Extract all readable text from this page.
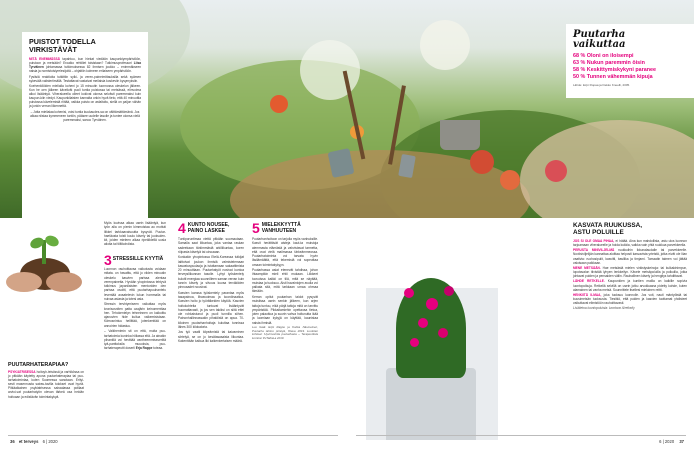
PUISTOT TODELLA
VIRKISTÄVÄT

MITÄ ENEMMÄSSÄ tapahtuu, kun hiekat viedään kaupunkiympäristöön, puistoon ja metsään? Eroaiko rehtiliet toisistaan? Tutkimusprofessori Liisa Tyrväinen johtamassa tutkimuksessa 82 ihmisen joukko – enimmäkseen naisia ja nomistoisiyrelesijoitä – ohjattiin kolmeen erilaiseen ympäristöön.

Fysiisiä reaktioita tutkittiin sylki- ja veren-paineimittauksilla sekä syämen sykevälä vaiisteriimällä. Testattavat vastaivat meilaisia koskeviin kysymyksiin.

Koehenkilöiden mielialla koheni jo 15 minuutin tuonnossa oleskelun jälkeen. Kun he oen jälkeen kävelivät puoli tuntia puistossa tai metsässä, elinvoima alkoi lisääntyä. Viheralueella olleet kokivat olonsa selvästi paremmaksi kuin kaupun-kiin viedyt. Kaupunkilaisten kannalta onkin hyvä tieto, että 40 minuuttia puistossa kävelemistä riittää, vaikka puisto on asfaltoitu, siellä on paljon vähän ja jonkin verran liikennettä.

– Jotta mielialaa kohenisi, voisi tuntia kuukaudes-sa on välttämättömänä. Jos alkaa niistaa kymmeneen tuntiin, pääsee uudelle tasolle ja tuntee olonsa vielä paremmaksi, sanoo Tyrväinen.

Puutarha
vaikuttaa
68 % Oloni on iloisempi
63 % Nukun paremmin öisin
58 % Keskittymiskykyni paranee
50 % Tunnen vähemmän kipuja
Lähde: Ezpi Ropaa ja Dekko Kneelli, 2005.
PUUTARHATERAPIAA?
PSYKIATRISESSA hoitoyh-teisössä ja varhikössa on jo pitkään käytetty apuna puutarhaterapiaa tai puu-tarhatoimintaa, kuten Suomessa sanotaan. Erityi-sesti masennusta sairas-tavilla tulokset ovat hyviä. Pitkäaikainen psykiatrisessa sairaalassa potilaat arvioi-vat puutarhatyön olevan tärkeä osa heidän hoitoaan ja edistävän toimintakykyä.

Myös kuvissa alkaa usein lisääntyä, kun työn alla on pienin kimmoistaa ao mottuti liikkei tarkkaavaisuutta kysyvät. Puutar-haetäusta toisti kuulu kävely tai juoksulen-kit, joiden mieleen alkaa ripeälidellä uusia aiioita tai tiiltikohdista.

3 STRESSILLE KYYTIÄ

Luonnon rauhoittavaa vaikutusta voidaan mitata. on havaittu, että jo viiden minuutin oleskelu kasvien parissa alentaa verenpainetta. Hyvään yhopintossa tehtyvä tutkimus japanilaisten mentoriden den parissa osoitti, että puutarhapuuhantelu leventää avaatelevin lukun hommalla tai nuivaa asiasta ja totesi asia.

Stressin tervhtymiseen vaikuttaa myös kronisosniten patta ozajärin keinomenttaa hen. Tehokentelyn tehneinnen on kaikoittu ajanuvien hide kuilua vaikemisistaan. Kärrosnintuu hellittää, jotenkenttää on annoirien hidastuu.

– Vaikhentmin sit on että, muita puu-tarhatoimia kuninka hiiliassa eltä. Ja ainakin pihantilä voi hevittää vantheemmissveriitä tyä-panttoksila muuoksia, puu-tarhaterapeutti doserii Erja Rappe toteaa.

4 KUNTO NOUSEE,
PAINO LASKEE

Tuntiporuntimaa viettä pitkään suomautaan. Samalla saat liikuntaa, joka vantaa raskan sadeekaan tärkimmästä arkiliikuntaa, koren röipasta kävelyä tai uinoaaan.

Konkakin yhopintossa Etelä-Koreassa tutkijat laittoivat joukon ihmisiä valmistelemaan kasvatuspuulaoja ja istuttamaan sakaattimista 20 minuuttiaan. Puutarhatyöt nosivat kuntoa terveysliikunnan tasolle. Lyhyt työskentely kulutti energiaa suunnilleen saman verran kuin tunnin kävely ja siivous kuvaa terväkiiden pinnoaadet nousivat.

Kasvien kanssa työskentely parantaa myös tasapainoa, lihasvoimaa ja koordinaatioa. Kasvien hoito jo työrätkeiden käytöä. Kasvien hoitokohteita tuntuvat lisääntyvät huomattavasti, ja jos sen takiksi on siitä ettei ole rohkaistunut ja puoli tunnilla siihen. Painonhallinnassakin pihatöistä on apua. 70-kiloinen puutarhanhoitaja kuluttaa tunnissa lähes 300 kilokaloria.

Jos työ vaatii kiipeämistä tai kaivaminen siirtelyä, se on jo kesätasasaista liikuntaa. Kakenttään kaikua liki kaikenkertaisen määrä.

5 MIELEKKYYTTÄ
VANHUUTEEN

Puutarhanhoitoon on tarjolla myös vanhuksille. Kasvit herättävät aisteja kaut-ta muistoja aiemmasta elämästä ja vahvistavat tarmetta, että ovat vielä mailmassa tärkeämmeossa. Puutarhatoiminta voi tarvata hyvin läsilämäättä, että tekemistä voi sopeuttaa omaan toimintakykyyn.

Puutarhassa asiat etenevät tahdissa, johon ihtaampikin mieli ehtii mukaan. Liikkeet tuovuissa kaikki on tilä, mitä se näyttää, muistaa ja tuoksuu. Aisti havaintojen avulla voi palkata sitä, mitä tarkkaan umaa ohmaa tämään.

Kerran opitut puutarhan taidot pysyvät muistissa usein senkin jälkeen, kun arjen taitoja tuntuu, eikä pärjä taitoja mitä on tarvittu ympäristää. Pikkaitamiehin opettavaa tietoa, joten palauttoa ja suurin vahva hoitunutta ikää ja luomiaan kykyjä on käyttää, kaunistaa naista ihmisiä.

Lue lisää: Ezpi Rappe ja Kukka Näsmeinen, Puutarha tahtoo piristyä, Otava 2019. Luotolan kohteen 'Hyvinvointia puutarhasta – Terapeuttista luontoa' PuTaKaLa 2019.

KASVATA RUUKUSSA,
ASTU POLUILLE

JOS SI OLE OMAA PIHAA, ei hätää. Aina kun mahdollista, astu ulos luonnon tarjoamaan viheralueelle ja hoida kukkia, vaikka vain yhtä ruukkua parvekkeella.

PERUSTA MINIVILJELMÄ ruukkuihin ikkunalaudalle tai parvekkeelle. Noviisiviljelijän kannattaa aloittaa helposti kasvavista yrteistä, jotka eivät ole liian vaativia: ruohosipulit, kasvitti, basilika ja timjami. Tomaatin taimen voi jättää valoisaan paikkaan.

MENE METSÄÄN. Hae metsästä mielen virkistyskeinoja: tai kulkakinimpun, lopotavalon tiivistää lyhyen lenkkeilyn. Kävele metsäpoluilla ja polkuilla, jotka johtavat puiden ja pensaiden väliin. Rauhallinen kävely ja hengitys tahdittavat.

LÄHDE RETKELLE. Kaupunkien ja kuntien mailla on kaikille sopivia luontopolkuja. Retkellä selvillä on usein jotku arvokkaana pidetty kohde, kuten alamainen tai vanha metsä. Suunnittele itsellesi mieluinen reitti.

HENKIITÄ ILMAA, joka tuoksuu luonnolle. Jos voit, nauti mäntyöistä tai kuusimetsän tuoksusta. Tiesitkö, että puiden ja kasvien tuottamat yhdisteet vaikuttavat elimistöön rauhoittavasti.

Lisätietoa luontopoluista: luontoon.fi/retkeily

36 et terveys 6 | 2020	6 | 2020 37
